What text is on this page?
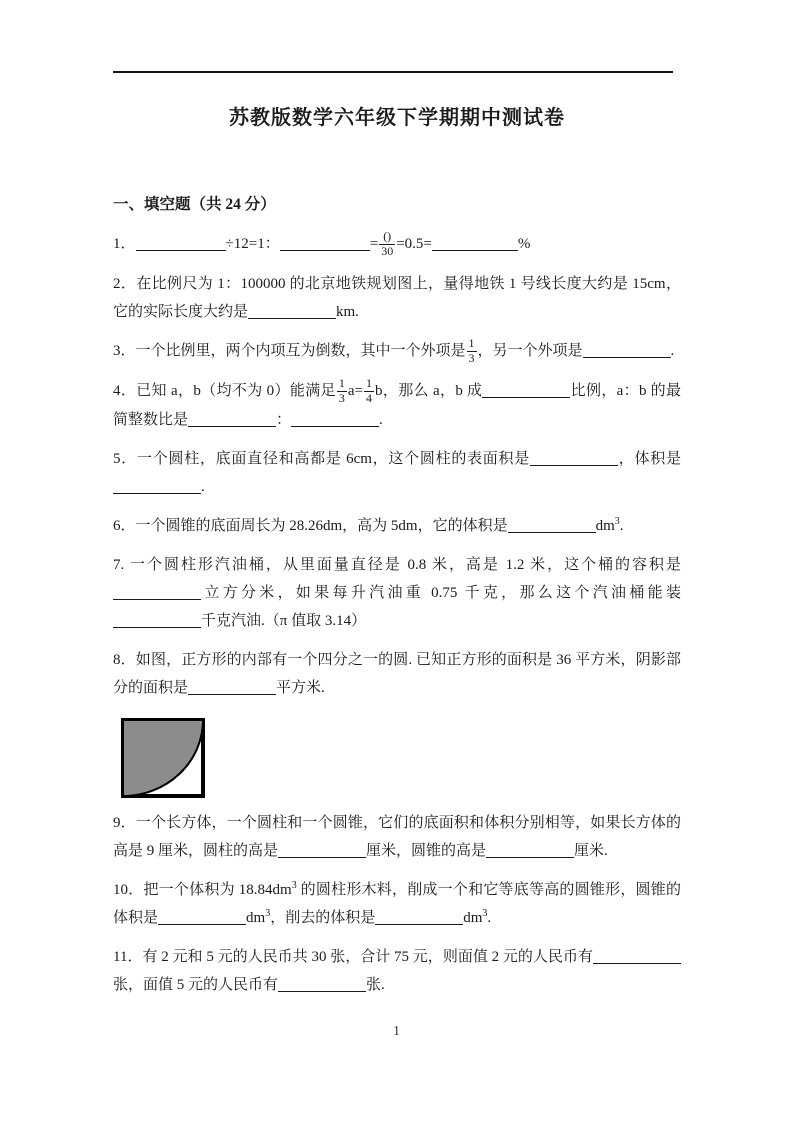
苏教版数学六年级下学期期中测试卷
一、填空题（共 24 分）

1．	÷12=1：	= $\frac{()}{30} =0.5=$	%

2．在比例尺为 1：100000 的北京地铁规划图上，量得地铁 1 号线长度大约是 15cm，它的实际长度大约是	km.

3．一个比例里，两个内项互为倒数，其中一个外项是 $\frac{1}{3}$ ，另一个外项是	.

4．已知 a，b（均不为 0）能满足 $\frac{1}{3} a= \frac{1}{4}$ b，那么 a，b 成	比例，a：b 的最简整数比是	：	.

5．一个圆柱，底面直径和高都是 6cm，这个圆柱的表面积是	，体积是.

6．一个圆锥的底面周长为 28.26dm，高为 5dm，它的体积是	$dm^3$.

7. 一个圆柱形汽油桶，从里面量直径是 0.8 米，高是 1.2 米，这个桶的容积是立方分米，如果每升汽油重 0.75 千克，那么这个汽油桶能装千克汽油.（π 值取 3.14）

8．如图，正方形的内部有一个四分之一的圆. 已知正方形的面积是 36 平方米，阴影部分的面积是	平方米.

9．一个长方体，一个圆柱和一个圆锥，它们的底面积和体积分别相等，如果长方体的高是 9 厘米，圆柱的高是	厘米，圆锥的高是	厘米.

10．把一个体积为 $18.84dm^3$ 的圆柱形木料，削成一个和它等底等高的圆锥形，圆锥的体积是	$dm^3$，削去的体积是	$dm^3$.

11．有 2 元和 5 元的人民币共 30 张，合计 75 元，则面值 2 元的人民币有张，面值 5 元的人民币有	张.

1
